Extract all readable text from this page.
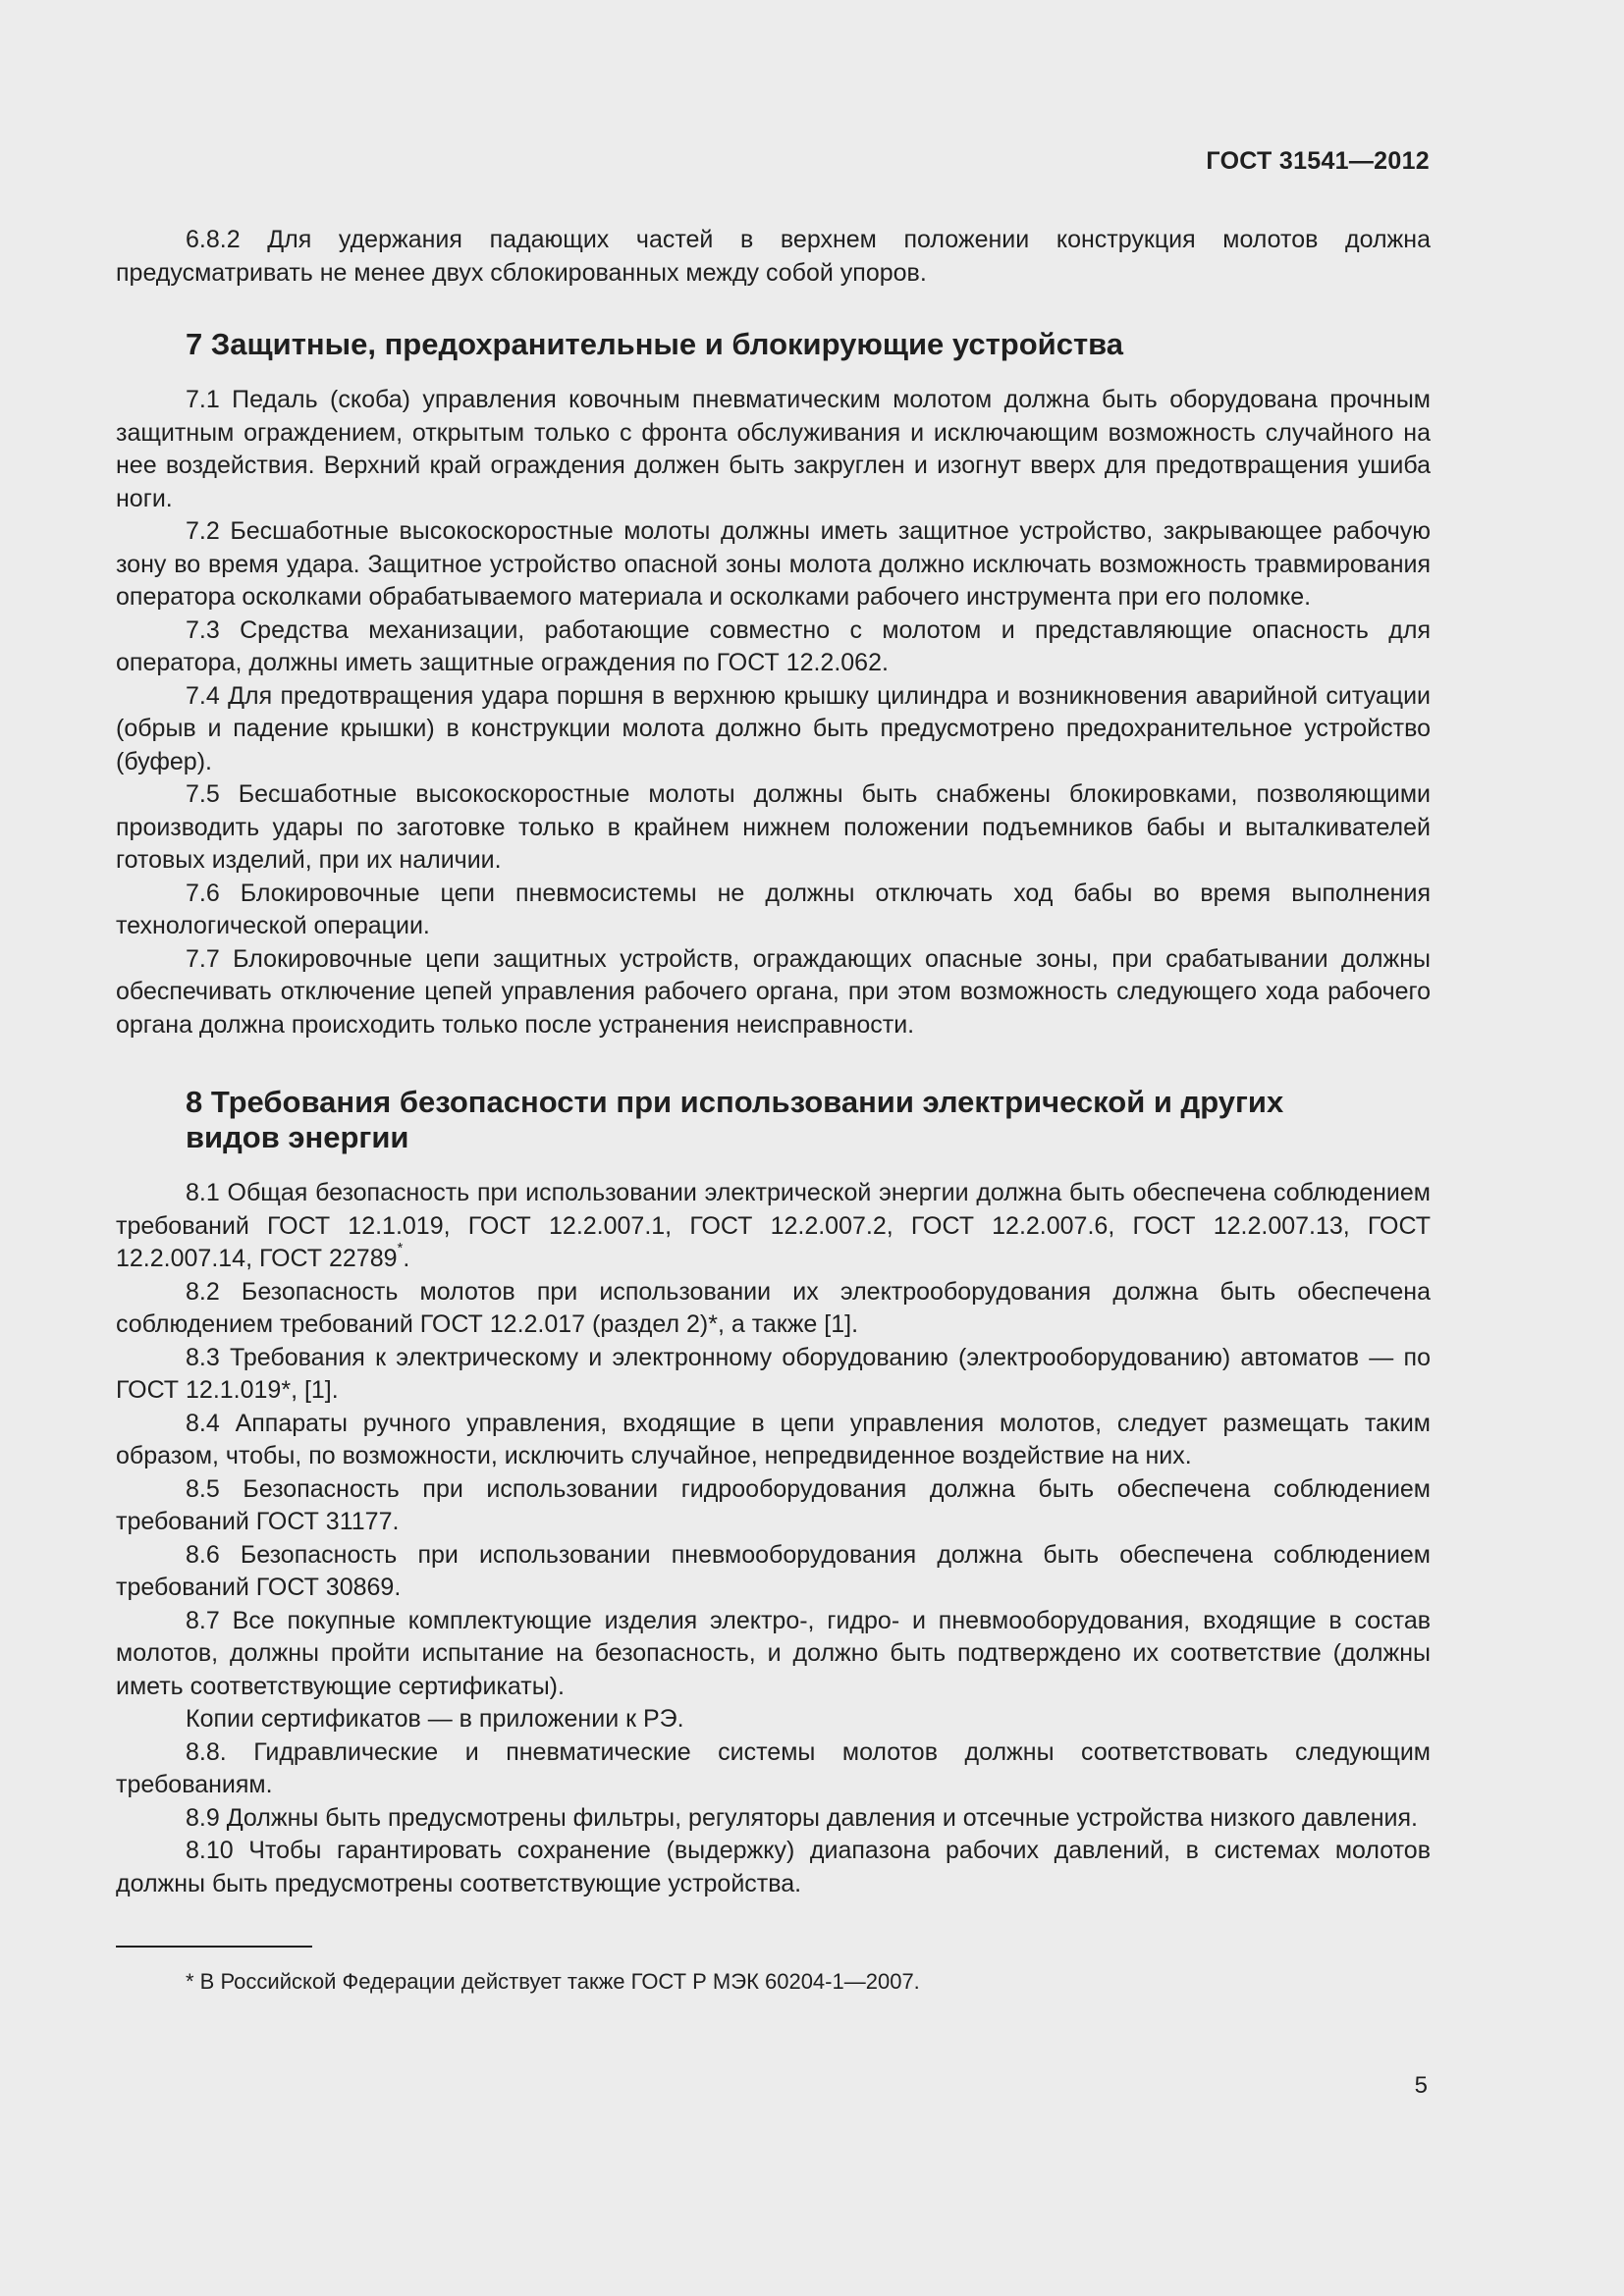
ГОСТ 31541—2012

6.8.2 Для удержания падающих частей в верхнем положении конструкция молотов должна предусматривать не менее двух сблокированных между собой упоров.

7 Защитные, предохранительные и блокирующие устройства

7.1 Педаль (скоба) управления ковочным пневматическим молотом должна быть оборудована прочным защитным ограждением, открытым только с фронта обслуживания и исключающим возможность случайного на нее воздействия. Верхний край ограждения должен быть закруглен и изогнут вверх для предотвращения ушиба ноги.

7.2 Бесшаботные высокоскоростные молоты должны иметь защитное устройство, закрывающее рабочую зону во время удара. Защитное устройство опасной зоны молота должно исключать возможность травмирования оператора осколками обрабатываемого материала и осколками рабочего инструмента при его поломке.

7.3 Средства механизации, работающие совместно с молотом и представляющие опасность для оператора, должны иметь защитные ограждения по ГОСТ 12.2.062.

7.4 Для предотвращения удара поршня в верхнюю крышку цилиндра и возникновения аварийной ситуации (обрыв и падение крышки) в конструкции молота должно быть предусмотрено предохранительное устройство (буфер).

7.5 Бесшаботные высокоскоростные молоты должны быть снабжены блокировками, позволяющими производить удары по заготовке только в крайнем нижнем положении подъемников бабы и выталкивателей готовых изделий, при их наличии.

7.6 Блокировочные цепи пневмосистемы не должны отключать ход бабы во время выполнения технологической операции.

7.7 Блокировочные цепи защитных устройств, ограждающих опасные зоны, при срабатывании должны обеспечивать отключение цепей управления рабочего органа, при этом возможность следующего хода рабочего органа должна происходить только после устранения неисправности.

8 Требования безопасности при использовании электрической и других
видов энергии

8.1 Общая безопасность при использовании электрической энергии должна быть обеспечена соблюдением требований ГОСТ 12.1.019, ГОСТ 12.2.007.1, ГОСТ 12.2.007.2, ГОСТ 12.2.007.6, ГОСТ 12.2.007.13, ГОСТ 12.2.007.14, ГОСТ 22789*.

8.2 Безопасность молотов при использовании их электрооборудования должна быть обеспечена соблюдением требований ГОСТ 12.2.017 (раздел 2)*, а также [1].

8.3 Требования к электрическому и электронному оборудованию (электрооборудованию) автоматов — по ГОСТ 12.1.019*, [1].

8.4 Аппараты ручного управления, входящие в цепи управления молотов, следует размещать таким образом, чтобы, по возможности, исключить случайное, непредвиденное воздействие на них.

8.5 Безопасность при использовании гидрооборудования должна быть обеспечена соблюдением требований ГОСТ 31177.

8.6 Безопасность при использовании пневмооборудования должна быть обеспечена соблюдением требований ГОСТ 30869.

8.7 Все покупные комплектующие изделия электро-, гидро- и пневмооборудования, входящие в состав молотов, должны пройти испытание на безопасность, и должно быть подтверждено их соответствие (должны иметь соответствующие сертификаты).

Копии сертификатов — в приложении к РЭ.

8.8. Гидравлические и пневматические системы молотов должны соответствовать следующим требованиям.

8.9 Должны быть предусмотрены фильтры, регуляторы давления и отсечные устройства низкого давления.

8.10 Чтобы гарантировать сохранение (выдержку) диапазона рабочих давлений, в системах молотов должны быть предусмотрены соответствующие устройства.

* В Российской Федерации действует также ГОСТ Р МЭК 60204-1—2007.

5
